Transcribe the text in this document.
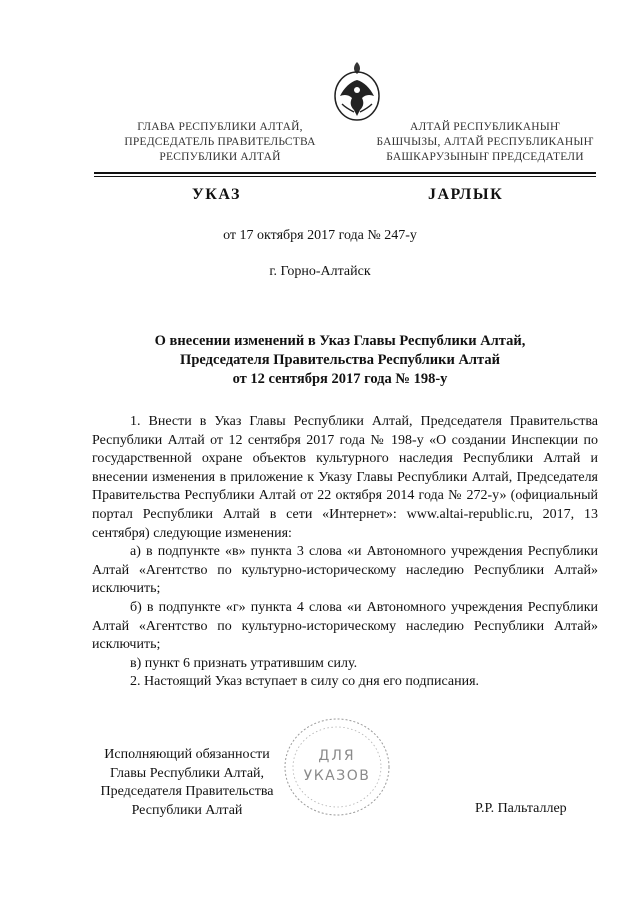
ГЛАВА РЕСПУБЛИКИ АЛТАЙ,
ПРЕДСЕДАТЕЛЬ ПРАВИТЕЛЬСТВА
РЕСПУБЛИКИ АЛТАЙ
АЛТАЙ РЕСПУБЛИКАНЫҤ
БАШЧЫЗЫ, АЛТАЙ РЕСПУБЛИКАНЫҤ
БАШКАРУЗЫНЫҤ ПРЕДСЕДАТЕЛИ
УКАЗ	ЈАРЛЫК
от 17 октября 2017 года № 247-у
г. Горно-Алтайск
О внесении изменений в Указ Главы Республики Алтай,
Председателя Правительства Республики Алтай
от 12 сентября 2017 года № 198-у
1. Внести в Указ Главы Республики Алтай, Председателя Правительства Республики Алтай от 12 сентября 2017 года № 198-у «О создании Инспекции по государственной охране объектов культурного наследия Республики Алтай и внесении изменения в приложение к Указу Главы Республики Алтай, Председателя Правительства Республики Алтай от 22 октября 2014 года № 272-у» (официальный портал Республики Алтай в сети «Интернет»: www.altai-republic.ru, 2017, 13 сентября) следующие изменения:
а) в подпункте «в» пункта 3 слова «и Автономного учреждения Республики Алтай «Агентство по культурно-историческому наследию Республики Алтай» исключить;
б) в подпункте «г» пункта 4 слова «и Автономного учреждения Республики Алтай «Агентство по культурно-историческому наследию Республики Алтай» исключить;
в) пункт 6 признать утратившим силу.
2. Настоящий Указ вступает в силу со дня его подписания.
Исполняющий обязанности
Главы Республики Алтай,
Председателя Правительства
Республики Алтай
ДЛЯ
УКАЗОВ
Р.Р. Пальталлер
